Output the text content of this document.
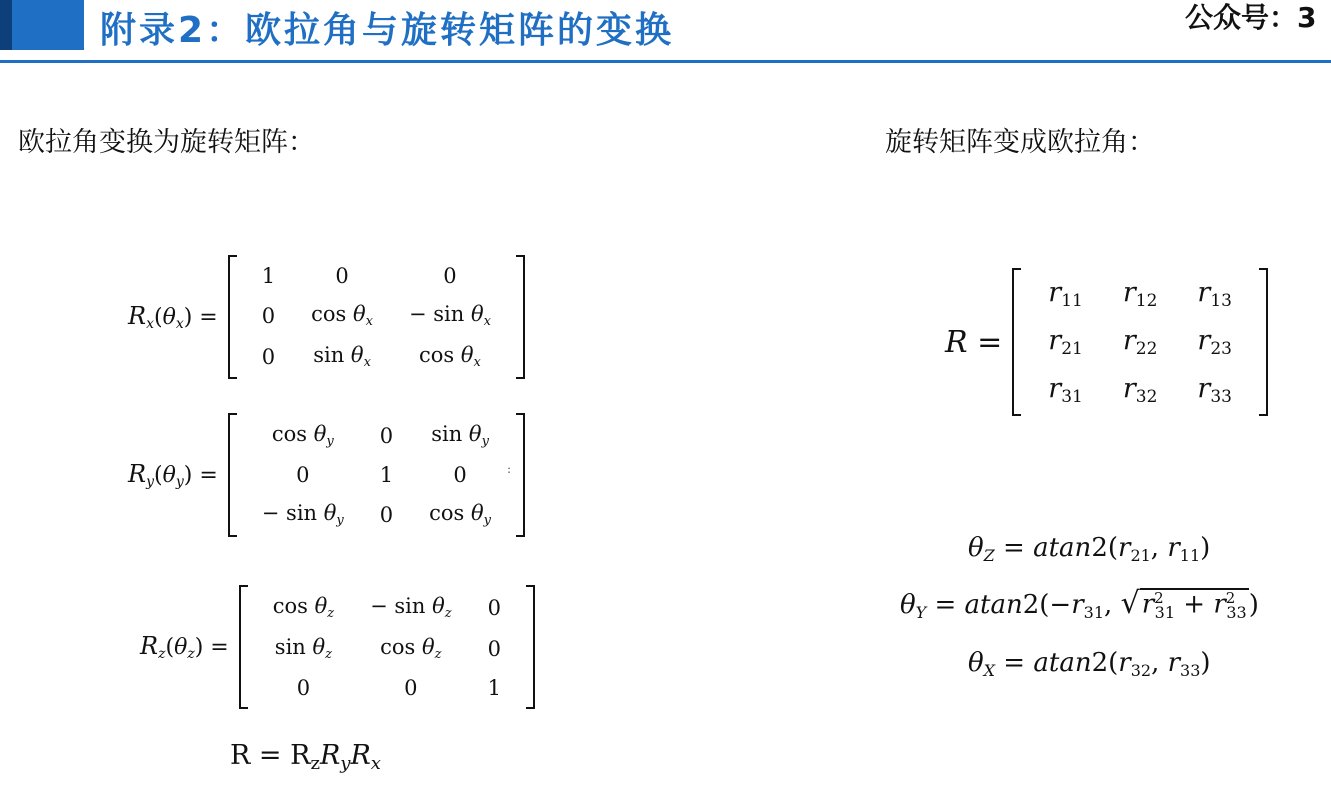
附录2：欧拉角与旋转矩阵的变换	公众号：3
欧拉角变换为旋转矩阵：	旋转矩阵变成欧拉角：
$R_x(\theta_x)$ =
1	0	0
0	$\cos \theta_x$	− $\sin \theta_x$
0	$\sin \theta_x$	$\cos \theta_x$
$R_y(\theta_y)$ =
$\cos \theta_y$	0	$\sin \theta_y$
0	1	0
− $\sin \theta_y$	0	$\cos \theta_y$
:
$R_z(\theta_z)$ =
$\cos \theta_z$	− $\sin \theta_z$	0
$\sin \theta_z$	$\cos \theta_z$	0
0	0	1
$R = R_zR_yR_x$
R =
$r_{11}$	$r_{12}$	$r_{13}$
$r_{21}$	$r_{22}$	$r_{23}$
$r_{31}$	$r_{32}$	$r_{33}$
$\theta_Z = atan2(r_{21}$, $r_{11}$)
$\theta_Y = atan2(-r_{31}$, $√r^2_{31} + r^2_{33}$)
$\theta_X = atan2(r_{32}$, $r_{33}$)
